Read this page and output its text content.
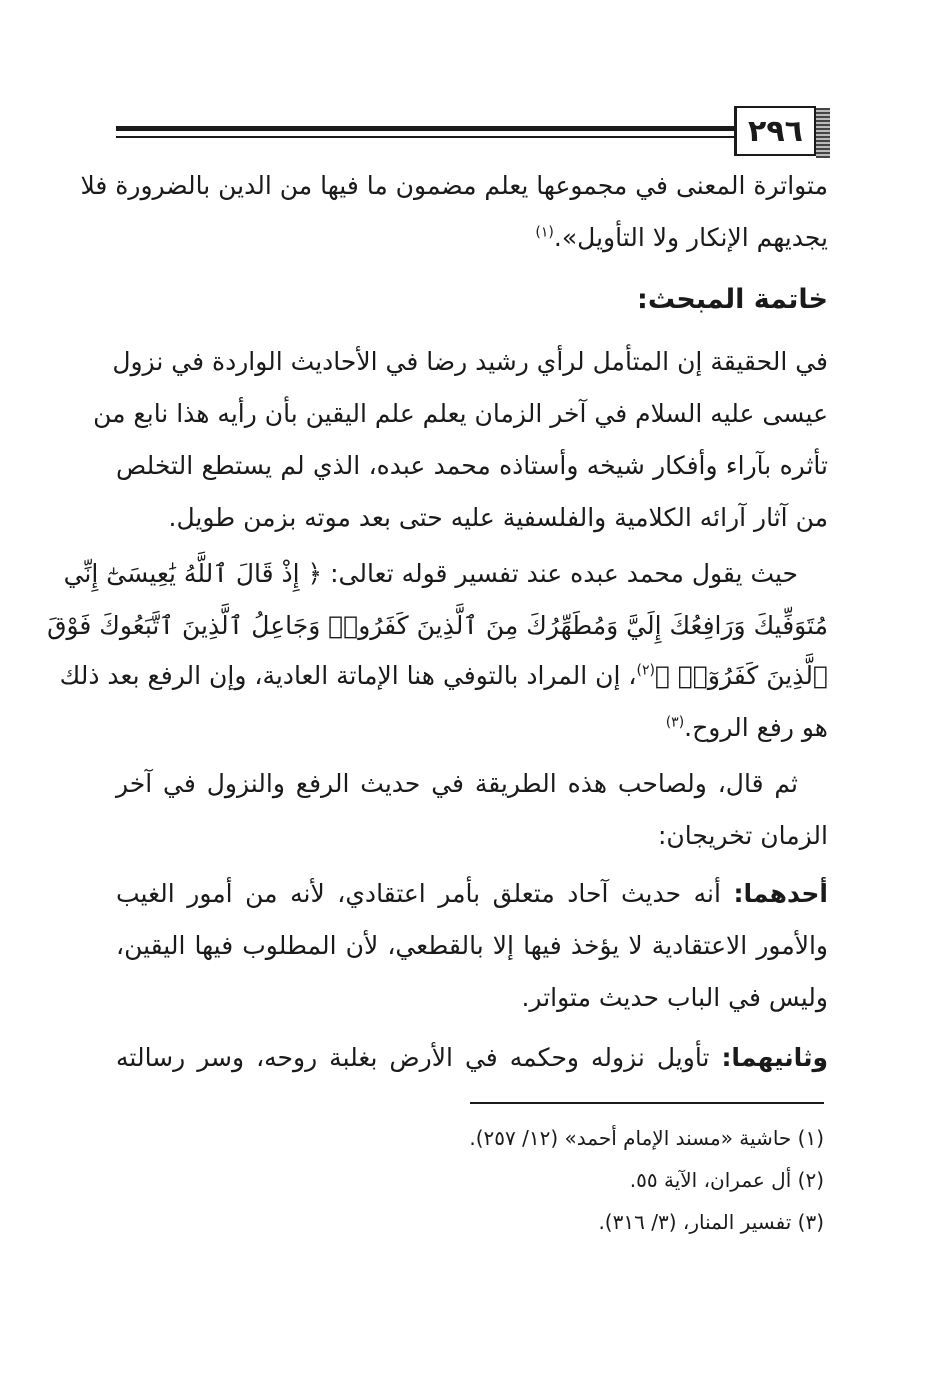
٢٩٦
متواترة المعنى في مجموعها يعلم مضمون ما فيها من الدين بالضرورة فلا
يجديهم الإنكار ولا التأويل».$^{(١)}$
خاتمة المبحث:
في الحقيقة إن المتأمل لرأي رشيد رضا في الأحاديث الواردة في نزول
عيسى عليه السلام في آخر الزمان يعلم علم اليقين بأن رأيه هذا نابع من
تأثره بآراء وأفكار شيخه وأستاذه محمد عبده، الذي لم يستطع التخلص
من آثار آرائه الكلامية والفلسفية عليه حتى بعد موته بزمن طويل.
حيث يقول محمد عبده عند تفسير قوله تعالى: ﴿ إِذْ قَالَ ٱللَّهُ يَٰعِيسَىٰٓ إِنِّي
مُتَوَفِّيكَ وَرَافِعُكَ إِلَيَّ وَمُطَهِّرُكَ مِنَ ٱلَّذِينَ كَفَرُوا۟ وَجَاعِلُ ٱلَّذِينَ ٱتَّبَعُوكَ فَوْقَ
ٱلَّذِينَ كَفَرُوٓا۟ ﴾$^{(٢)}$، إن المراد بالتوفي هنا الإماتة العادية، وإن الرفع بعد ذلك
هو رفع الروح.$^{(٣)}$
ثم قال، ولصاحب هذه الطريقة في حديث الرفع والنزول في آخر
الزمان تخريجان:
أحدهما: أنه حديث آحاد متعلق بأمر اعتقادي، لأنه من أمور الغيب
والأمور الاعتقادية لا يؤخذ فيها إلا بالقطعي، لأن المطلوب فيها اليقين،
وليس في الباب حديث متواتر.
وثانيهما: تأويل نزوله وحكمه في الأرض بغلبة روحه، وسر رسالته
(١) حاشية «مسند الإمام أحمد» (١٢/ ٢٥٧).
(٢) أل عمران، الآية ٥٥.
(٣) تفسير المنار، (٣/ ٣١٦).
